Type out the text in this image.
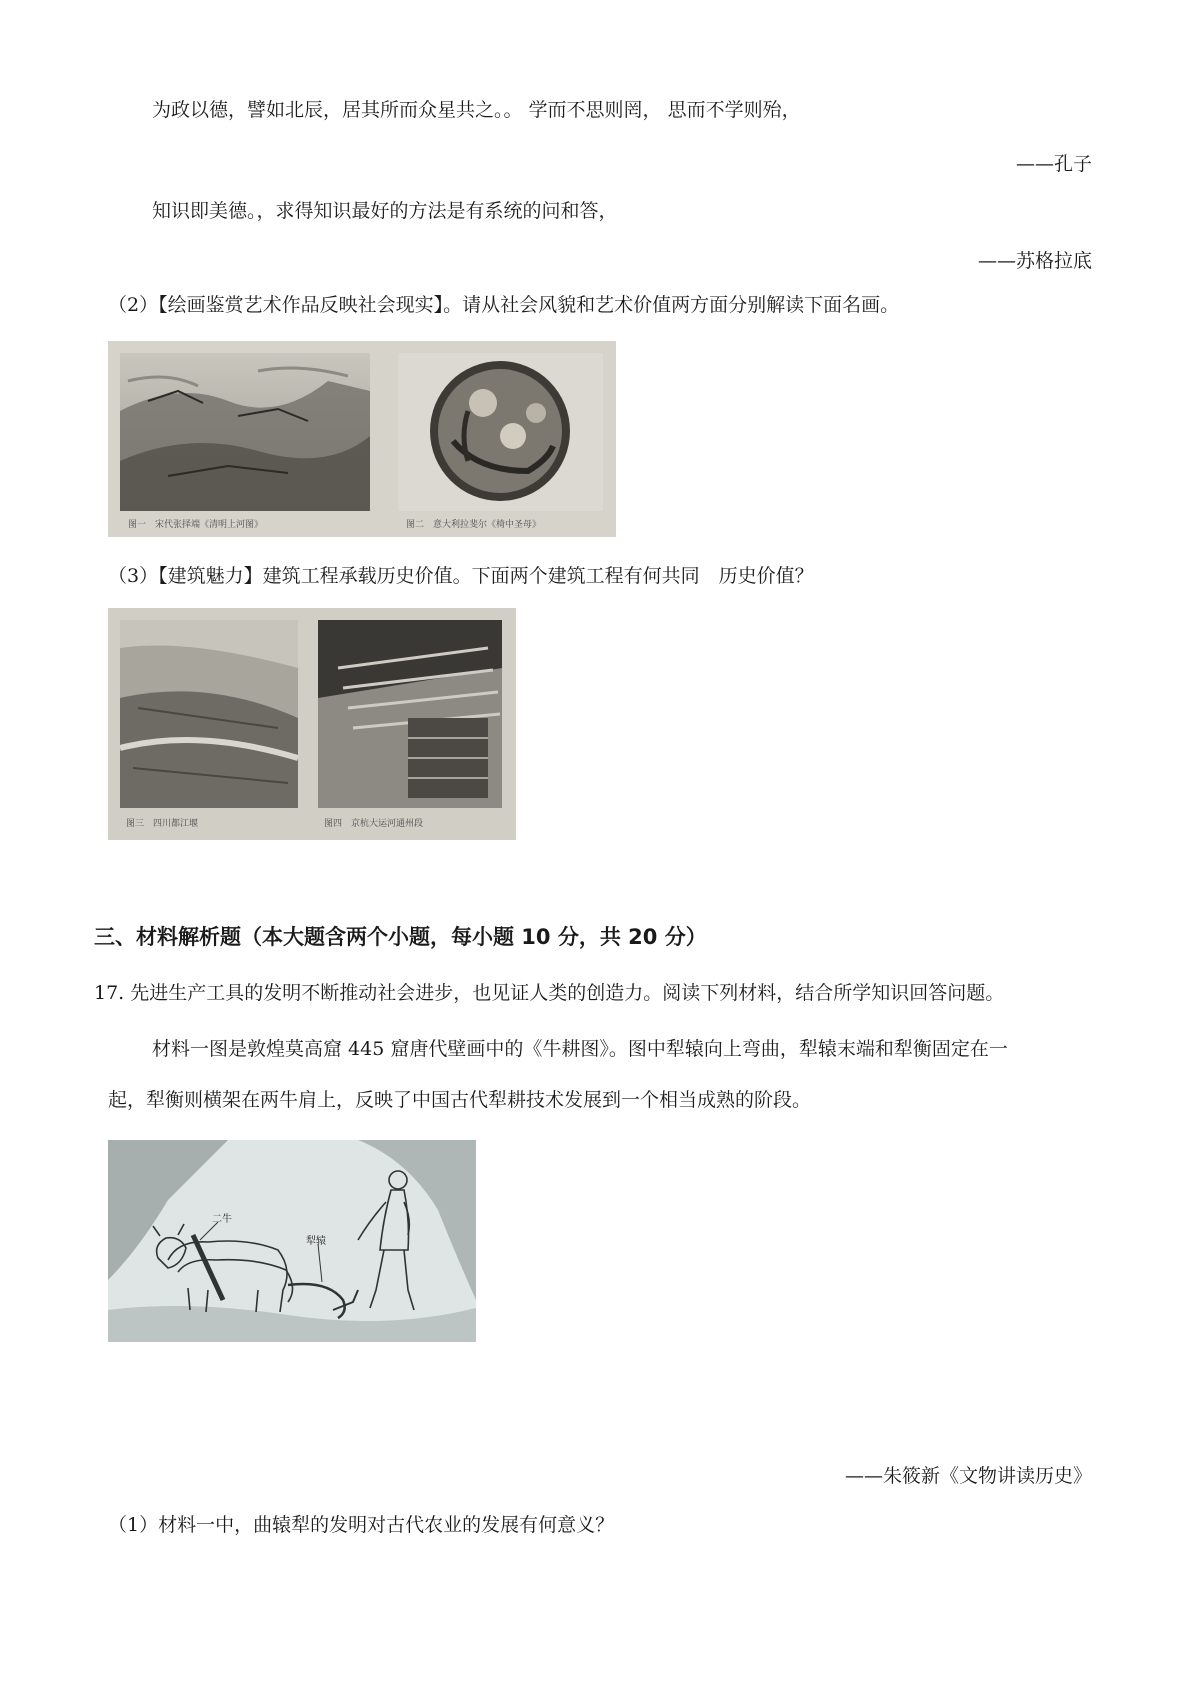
为政以德，譬如北辰，居其所而众星共之。。 学而不思则罔， 思而不学则殆，
——孔子
知识即美德。，求得知识最好的方法是有系统的问和答，
——苏格拉底
（2）【绘画鉴赏艺术作品反映社会现实】。请从社会风貌和艺术价值两方面分别解读下面名画。
图一　宋代张择端《清明上河图》	图二　意大利拉斐尔《椅中圣母》
（3）【建筑魅力】建筑工程承载历史价值。下面两个建筑工程有何共同　历史价值？
图三　四川都江堰	图四　京杭大运河通州段
三、材料解析题（本大题含两个小题，每小题 10 分，共 20 分）
17. 先进生产工具的发明不断推动社会进步，也见证人类的创造力。阅读下列材料，结合所学知识回答问题。
材料一图是敦煌莫高窟 445 窟唐代壁画中的《牛耕图》。图中犁辕向上弯曲，犁辕末端和犁衡固定在一
起，犁衡则横架在两牛肩上，反映了中国古代犁耕技术发展到一个相当成熟的阶段。
二牛
犁辕
——朱筱新《文物讲读历史》
（1）材料一中，曲辕犁的发明对古代农业的发展有何意义？
